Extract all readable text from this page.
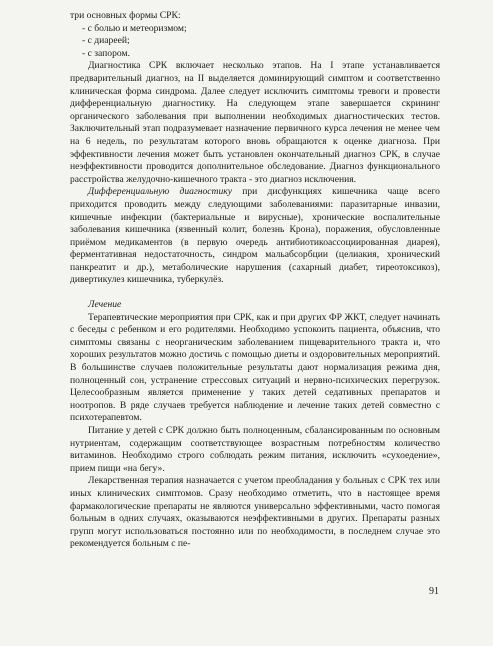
три основных формы СРК:

- с болью и метеоризмом;
- с диареей;
- с запором.

Диагностика СРК включает несколько этапов. На I этапе устанавливается предварительный диагноз, на II выделяется доминирующий симптом и соответственно клиническая форма синдрома. Далее следует исключить симптомы тревоги и провести дифференциальную диагностику. На следующем этапе завершается скрининг органического заболевания при выполнении необходимых диагностических тестов. Заключительный этап подразумевает назначение первичного курса лечения не менее чем на 6 недель, по результатам которого вновь обращаются к оценке диагноза. При эффективности лечения может быть установлен окончательный диагноз СРК, в случае неэффективности проводится дополнительное обследование. Диагноз функционального расстройства желудочно-кишечного тракта - это диагноз исключения.

Дифференциальную диагностику при дисфункциях кишечника чаще всего приходится проводить между следующими заболеваниями: паразитарные инвазии, кишечные инфекции (бактериальные и вирусные), хронические воспалительные заболевания кишечника (язвенный колит, болезнь Крона), поражения, обусловленные приёмом медикаментов (в первую очередь антибиотикоассоциированная диарея), ферментативная недостаточность, синдром мальабсорбции (целиакия, хронический панкреатит и др.), метаболические нарушения (сахарный диабет, тиреотоксикоз), дивертикулез кишечника, туберкулёз.

Лечение

Терапевтические мероприятия при СРК, как и при других ФР ЖКТ, следует начинать с беседы с ребенком и его родителями. Необходимо успокоить пациента, объяснив, что симптомы связаны с неорганическим заболеванием пищеварительного тракта и, что хороших результатов можно достичь с помощью диеты и оздоровительных мероприятий. В большинстве случаев положительные результаты дают нормализация режима дня, полноценный сон, устранение стрессовых ситуаций и нервно-психических перегрузок. Целесообразным является применение у таких детей седативных препаратов и ноотропов. В ряде случаев требуется наблюдение и лечение таких детей совместно с психотерапевтом.

Питание у детей с СРК должно быть полноценным, сбалансированным по основным нутриентам, содержащим соответствующее возрастным потребностям количество витаминов. Необходимо строго соблюдать режим питания, исключить «сухоедение», прием пищи «на бегу».

Лекарственная терапия назначается с учетом преобладания у больных с СРК тех или иных клинических симптомов. Сразу необходимо отметить, что в настоящее время фармакологические препараты не являются универсально эффективными, часто помогая больным в одних случаях, оказываются неэффективными в других. Препараты разных групп могут использоваться постоянно или по необходимости, в последнем случае это рекомендуется больным с пе-

91
